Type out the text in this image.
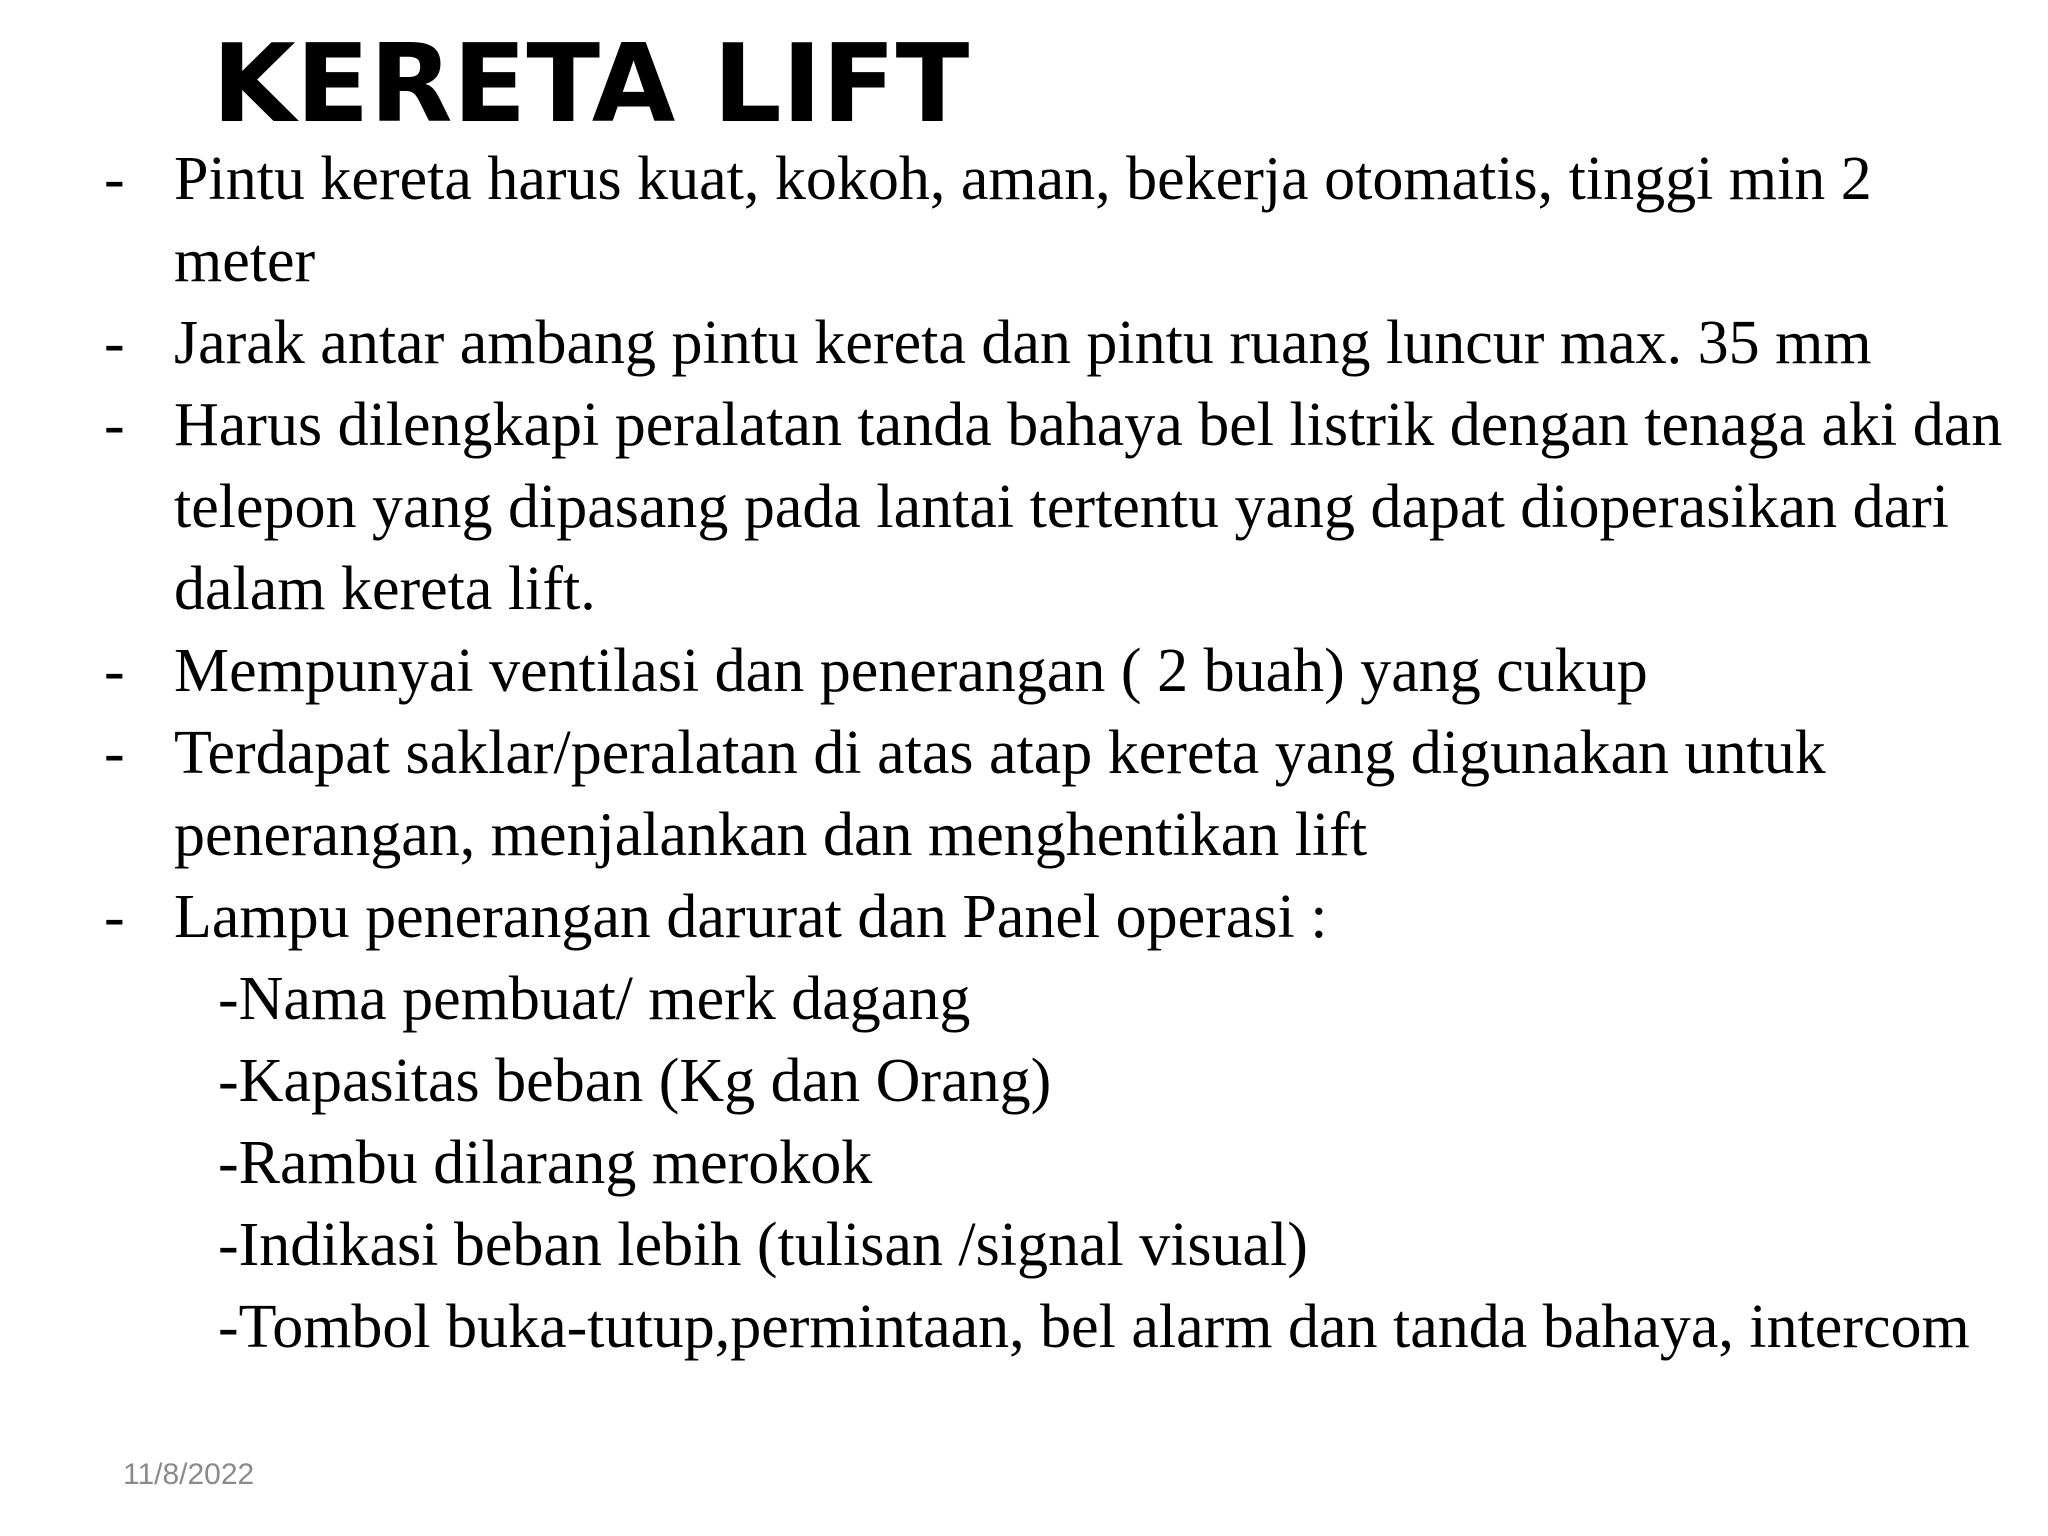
KERETA LIFT

- Pintu kereta harus kuat, kokoh, aman, bekerja otomatis, tinggi min 2 meter

- Jarak antar ambang pintu kereta dan pintu ruang luncur max. 35 mm

- Harus dilengkapi peralatan tanda bahaya bel listrik dengan tenaga aki dan telepon yang dipasang pada lantai tertentu yang dapat dioperasikan dari dalam kereta lift.

- Mempunyai ventilasi dan penerangan ( 2 buah) yang cukup

- Terdapat saklar/peralatan di atas atap kereta yang digunakan untuk penerangan, menjalankan dan menghentikan lift

- Lampu penerangan darurat dan Panel operasi :

-Nama pembuat/ merk dagang

-Kapasitas beban (Kg dan Orang)

-Rambu dilarang merokok

-Indikasi beban lebih (tulisan /signal visual)

-Tombol buka-tutup,permintaan, bel alarm dan tanda bahaya, intercom

11/8/2022
